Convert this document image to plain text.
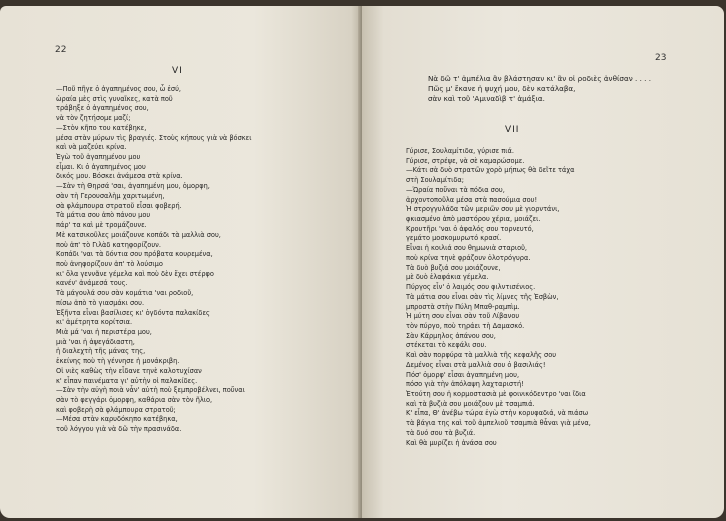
22
VI
—Ποῦ πῆγε ὁ ἀγαπημένος σου, ὦ ἐσύ,
ὡραία μὲς στὶς γυναῖκες, κατὰ ποῦ
τράβηξε ὁ ἀγαπημένος σου,
νὰ τὸν ζητήσομε μαζί;
—Στὸν κῆπο του κατέβηκε,
μέσα στὰν μύρων τὶς βραγιές. Στοὺς κήπους γιὰ νὰ βόσκει
καὶ νὰ μαζεύει κρίνα.
Ἐγὼ τοῦ ἀγαπημένου μου
εἶμαι. Κι ὁ ἀγαπημένος μου
δικός μου. Βόσκει ἀνάμεσα στὰ κρίνα.
—Σὰν τὴ Θηρσά 'σαι, ἀγαπημένη μου, ὀμορφη,
σὰν τὴ Γερουσαλὴμ χαριτωμένη,
σὰ φλάμπουρα στρατοῦ εἶσαι φοβερή.
Τὰ μάτια σου ἀπὸ πάνου μου
πάρ' τα καὶ μὲ τρομάζουνε.
Μὲ κατσικοῦλες μοιάζουνε κοπάδι τὰ μαλλιὰ σου,
ποὺ ἀπ' τὸ Γιλὰδ κατηφορίζουν.
Κοπάδι 'ναι τὰ δόντια σου πρόβατα κουρεμένα,
ποὺ ἀνηφορίζουν ἀπ' τὸ λούσιμο
κι' ὅλα γεννᾶνε γέμελα καὶ ποὺ δὲν ἔχει στέρφο
κανέν' ἀνάμεσά τους.
Τὰ μάγουλά σου σὰν κομάτια 'ναι ροδιοῦ,
πίσω ἀπὸ τὸ γιασμάκι σου.
Ἑξῆντα εἶναι βασίλισες κι' ὀγδόντα παλακίδες
κι' ἀμέτρητα κορίτσια.
Μιὰ μά 'ναι ἡ περιστέρα μου,
μιὰ 'ναι ἡ ἀψεγάδιαστη,
ἡ διαλεχτὴ τῆς μάνας της,
ἐκείνης ποὺ τὴ γέννησε ἡ μονάκριβη.
Οἱ νιὲς καθὼς τὴν εἶδανε τηνὲ καλοτυχίσαν
κ' εἶπαν παινέματα γι' αὐτὴν οἱ παλακίδες.
—Σὰν τὴν αὐγὴ ποιὰ νἆν' αὐτὴ ποὺ ξεμπροβέλνει, ποὔναι
σὰν τὸ φεγγάρι ὀμορφη, καθάρια σὰν τὸν ἥλιο,
καὶ φοβερὴ σὰ φλάμπουρα στρατοῦ;
—Μέσα στὰν καρυδόκηπο κατέβηκα,
τοῦ λόγγου γιὰ νὰ δῶ τὴν πρασινάδα.
23
Νὰ δῶ τ' ἀμπέλια ἂν βλάστησαν κι' ἂν οἱ ροδιὲς ἀνθίσαν . . . .
Πῶς μ' ἔκανε ἡ ψυχή μου, δὲν κατάλαβα,
σὰν καὶ τοῦ 'Αμιναδὶβ τ' ἀμάξια.
VII
Γύρισε, Σουλαμίτιδα, γύρισε πιά.
Γύρισε, στρέψε, νὰ σὲ καμαρώσομε.
—Κάτι σὰ δυὸ στρατῶν χορὸ μήπως θὰ δεῖτε τάχα
στὴ Σουλαμίτιδα;
—Ὡραία ποὔναι τὰ πόδια σου,
ἀρχοντοποῦλα μέσα στὰ πασούμια σου!
Ἡ στρογγυλάδα τῶν μεριῶν σου μὲ γιορντάνι,
φκιασμένο ἀπὸ μαστόρου χέρια, μοιάζει.
Κρουτῆρι 'ναι ὁ ἀφαλός σου τορνευτό,
γεμάτο μοσκομυρωτό κρασί.
Εἶναι ἡ κοιλιά σου θημωνιὰ σταριοῦ,
ποὺ κρίνα τηνὲ φράζουν ὁλοτρόγυρα.
Τὰ δυὸ βυζιά σου μοιάζουνε,
μὲ δυὸ ἐλαφάκια γέμελα.
Πύργος εἶν' ὁ λαιμός σου φιλντισένιος.
Τὰ μάτια σου εἶναι σὰν τὶς λίμνες τῆς Ἐσβὼν,
μπροστὰ στὴν Πύλη Μπαθ-ραμπὶμ.
Ἡ μύτη σου εἶναι σὰν τοῦ Λίβανου
τὸν πύργο, ποὺ τηράει τὴ Δαμασκό.
Σὰν Κάρμηλος ἀπάνου σου,
στέκεται τὸ κεφάλι σου.
Καὶ σὰν πορφύρα τὰ μαλλιὰ τῆς κεφαλῆς σου
Δεμένος εἶναι στὰ μαλλιὰ σου ὁ βασιλιάς!
Πόσ' ὀμορφ' εἶσαι ἀγαπημένη μου,
πόσο γιὰ τὴν ἀπόλαψη λαχταριστή!
Ἐτούτη σου ἡ κορμοστασιὰ μὲ φοινικόδεντρο 'ναι ἴδια
καὶ τὰ βυζιὰ σου μοιάζουν μὲ τσαμπιά.
Κ' εἶπα, Θ' ἀνέβω τώρα ἐγὼ στὴν κορυφαδιά, νὰ πιάσω
τὰ βάγια της καὶ τοῦ ἀμπελιοῦ τσαμπιὰ θἆναι γιὰ μένα,
τὰ δυό σου τὰ βυζιά.
Καὶ θὰ μυρίζει ἡ ἀνάσα σου
